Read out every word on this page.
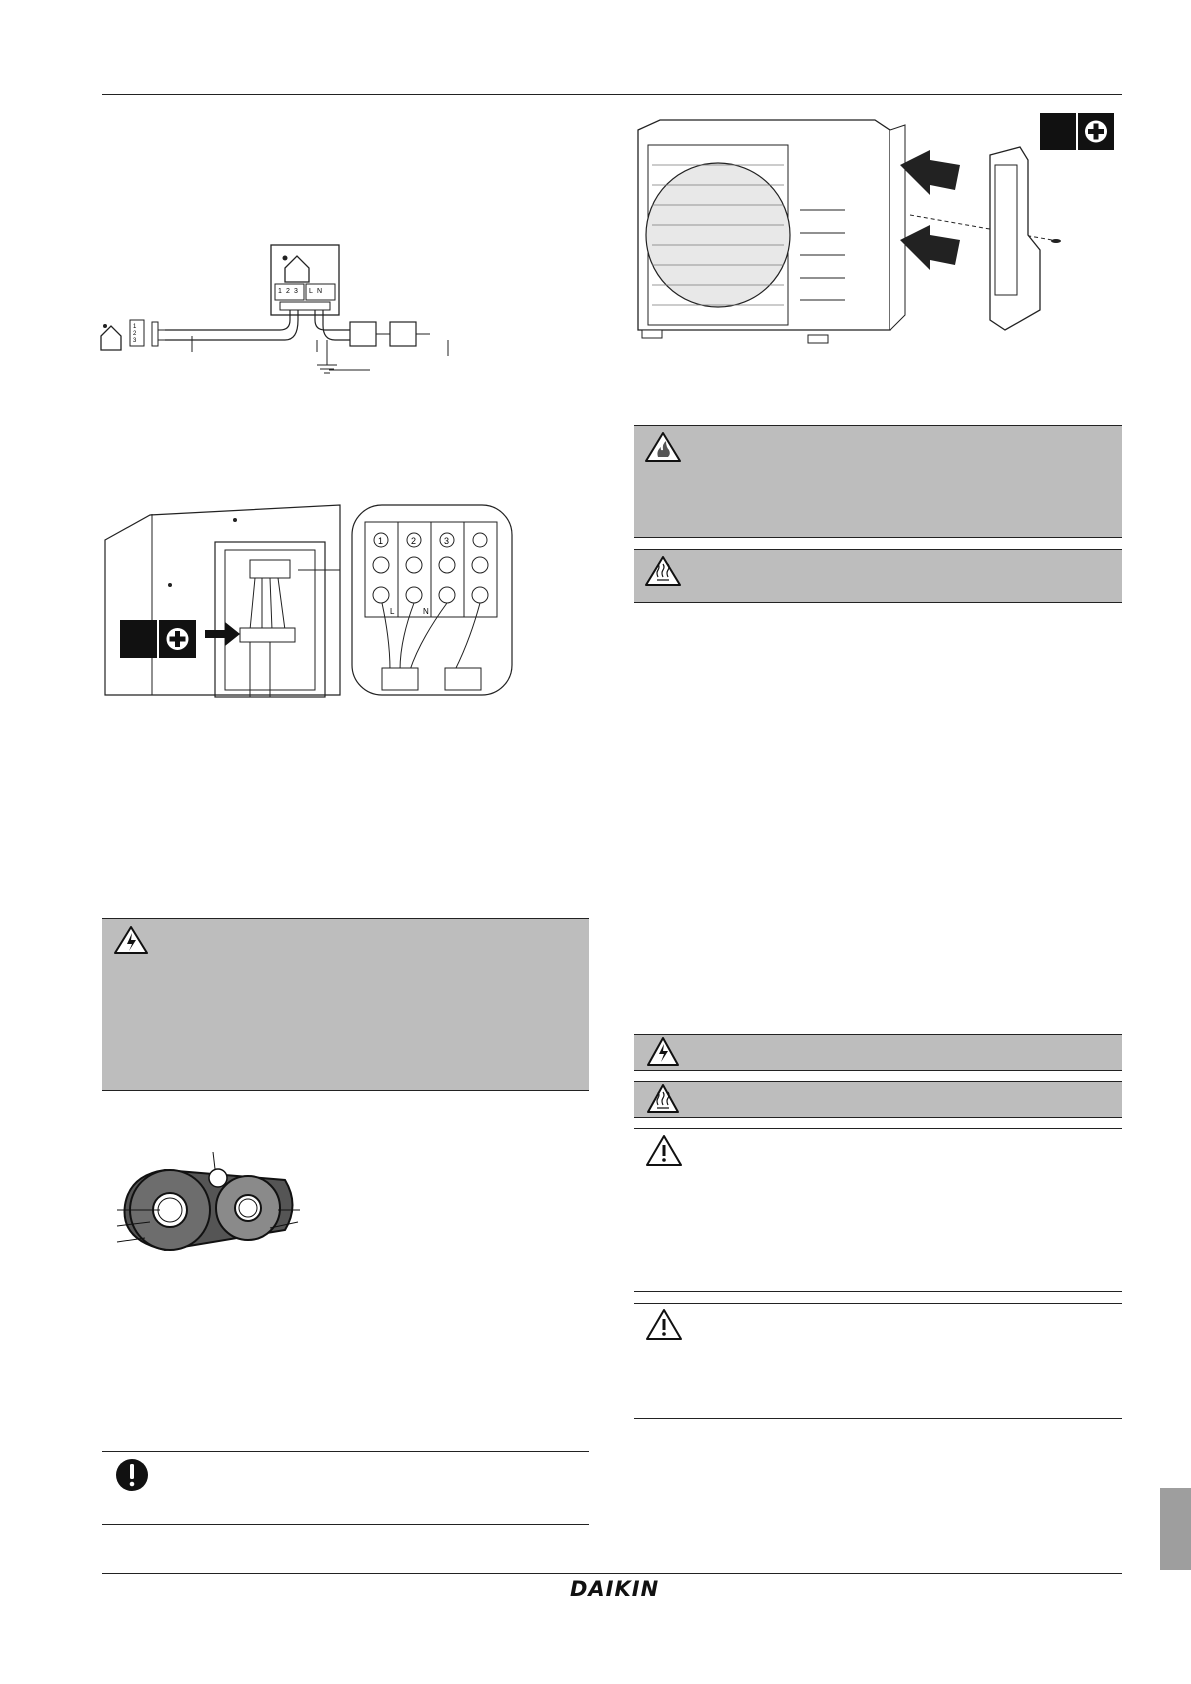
1 2 3 L N
1
2
3
1	2	3
L	N
DAIKIN
